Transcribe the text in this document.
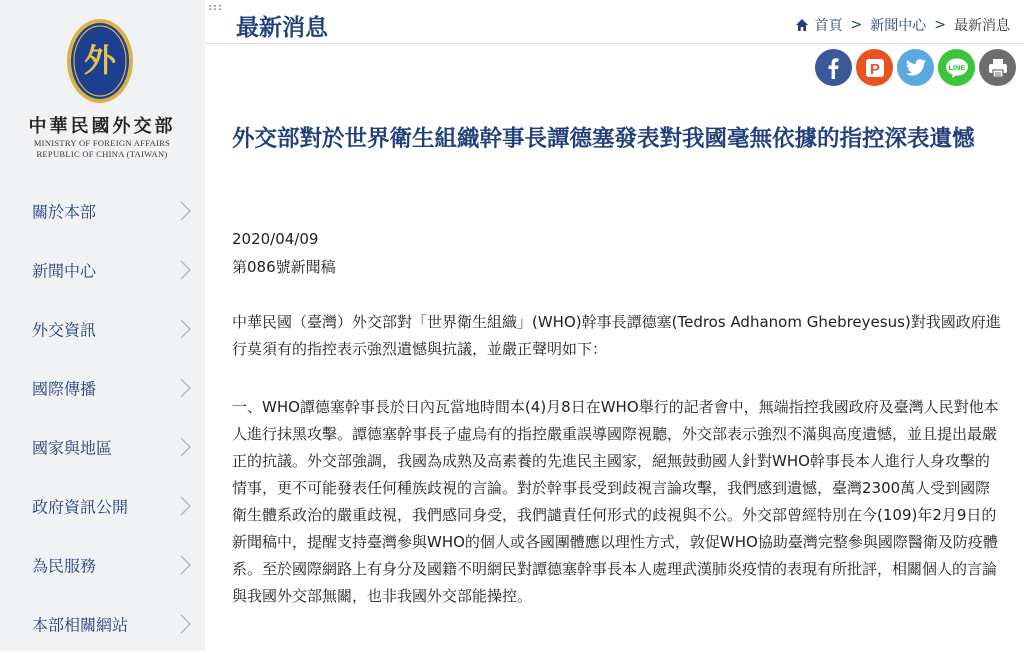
外
中華民國外交部
MINISTRY OF FOREIGN AFFAIRS
REPUBLIC OF CHINA (TAIWAN)
關於本部
新聞中心
外交資訊
國際傳播
國家與地區
政府資訊公開
為民服務
本部相關網站
:::
最新消息	首頁 > 新聞中心 > 最新消息
P	LINE
外交部對於世界衛生組織幹事長譚德塞發表對我國毫無依據的指控深表遺憾
2020/04/09
第086號新聞稿

中華民國（臺灣）外交部對「世界衛生組織」(WHO)幹事長譚德塞(Tedros Adhanom Ghebreyesus)對我國政府進行莫須有的指控表示強烈遺憾與抗議，並嚴正聲明如下：

一、WHO譚德塞幹事長於日內瓦當地時間本(4)月8日在WHO舉行的記者會中，無端指控我國政府及臺灣人民對他本人進行抹黑攻擊。譚德塞幹事長子虛烏有的指控嚴重誤導國際視聽，外交部表示強烈不滿與高度遺憾，並且提出最嚴正的抗議。外交部強調，我國為成熟及高素養的先進民主國家，絕無鼓動國人針對WHO幹事長本人進行人身攻擊的情事，更不可能發表任何種族歧視的言論。對於幹事長受到歧視言論攻擊，我們感到遺憾，臺灣2300萬人受到國際衛生體系政治的嚴重歧視，我們感同身受，我們譴責任何形式的歧視與不公。外交部曾經特別在今(109)年2月9日的新聞稿中，提醒支持臺灣參與WHO的個人或各國團體應以理性方式，敦促WHO協助臺灣完整參與國際醫衛及防疫體系。至於國際網路上有身分及國籍不明網民對譚德塞幹事長本人處理武漢肺炎疫情的表現有所批評，相關個人的言論與我國外交部無關，也非我國外交部能操控。
